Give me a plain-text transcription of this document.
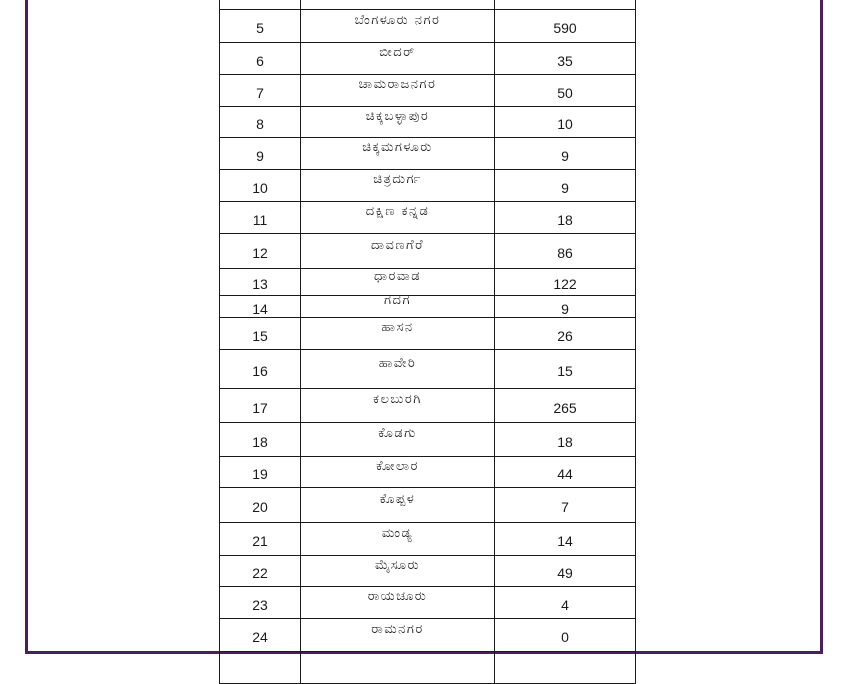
5	ಬೆಂಗಳೂರು ನಗರ	590
6	ಬೀದರ್	35
7	ಚಾಮರಾಜನಗರ	50
8	ಚಿಕ್ಕಬಳ್ಳಾಪುರ	10
9	ಚಿಕ್ಕಮಗಳೂರು	9
10	ಚಿತ್ರದುರ್ಗ	9
11	ದಕ್ಷಿಣ ಕನ್ನಡ	18
12	ದಾವಣಗೆರೆ	86
13	ಧಾರವಾಡ	122
14	ಗದಗ	9
15	ಹಾಸನ	26
16	ಹಾವೇರಿ	15
17	ಕಲಬುರಗಿ	265
18	ಕೊಡಗು	18
19	ಕೋಲಾರ	44
20	ಕೊಪ್ಪಳ	7
21	ಮಂಡ್ಯ	14
22	ಮೈಸೂರು	49
23	ರಾಯಚೂರು	4
24	ರಾಮನಗರ	0
